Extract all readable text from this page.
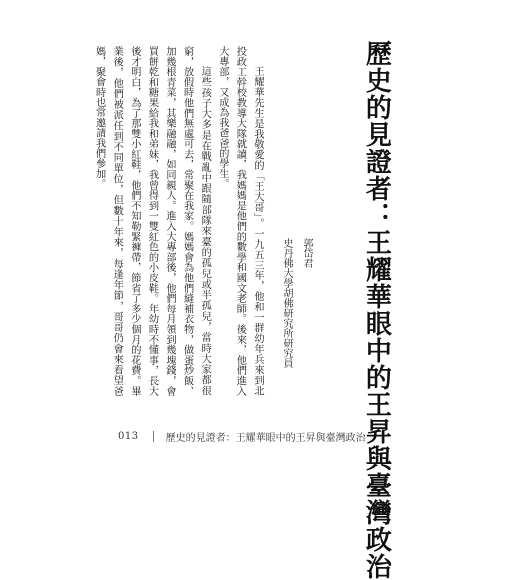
歷史的見證者：王耀華眼中的王昇與臺灣政治
郭岱君
史丹佛大學胡佛研究所研究員

王耀華先生是我敬愛的「王大哥」。一九五三年，他和一群幼年兵來到北投政工幹校教導大隊就讀，我媽媽是他們的數學和國文老師。後來，他們進入大專部，又成為我爸爸的學生。

這些孩子大多是在戰亂中跟隨部隊來臺的孤兒或半孤兒，當時大家都很窮，放假時他們無處可去，常聚在我家。媽媽會為他們縫補衣物，做蛋炒飯、加幾根青菜，其樂融融，如同親人。進入大專部後，他們每月領到幾塊錢，會買餅乾和糖果給我和弟妹，我曾得到一雙紅色的小皮鞋。年幼時不懂事，長大後才明白，為了那雙小紅鞋，他們不知勒緊褲帶，節省了多少個月的花費。畢業後，他們被派任到不同單位，但數十年來，每逢年節，哥哥仍會來看望爸媽，聚會時也常邀請我們參加。

013	歷史的見證者：王耀華眼中的王昇與臺灣政治
